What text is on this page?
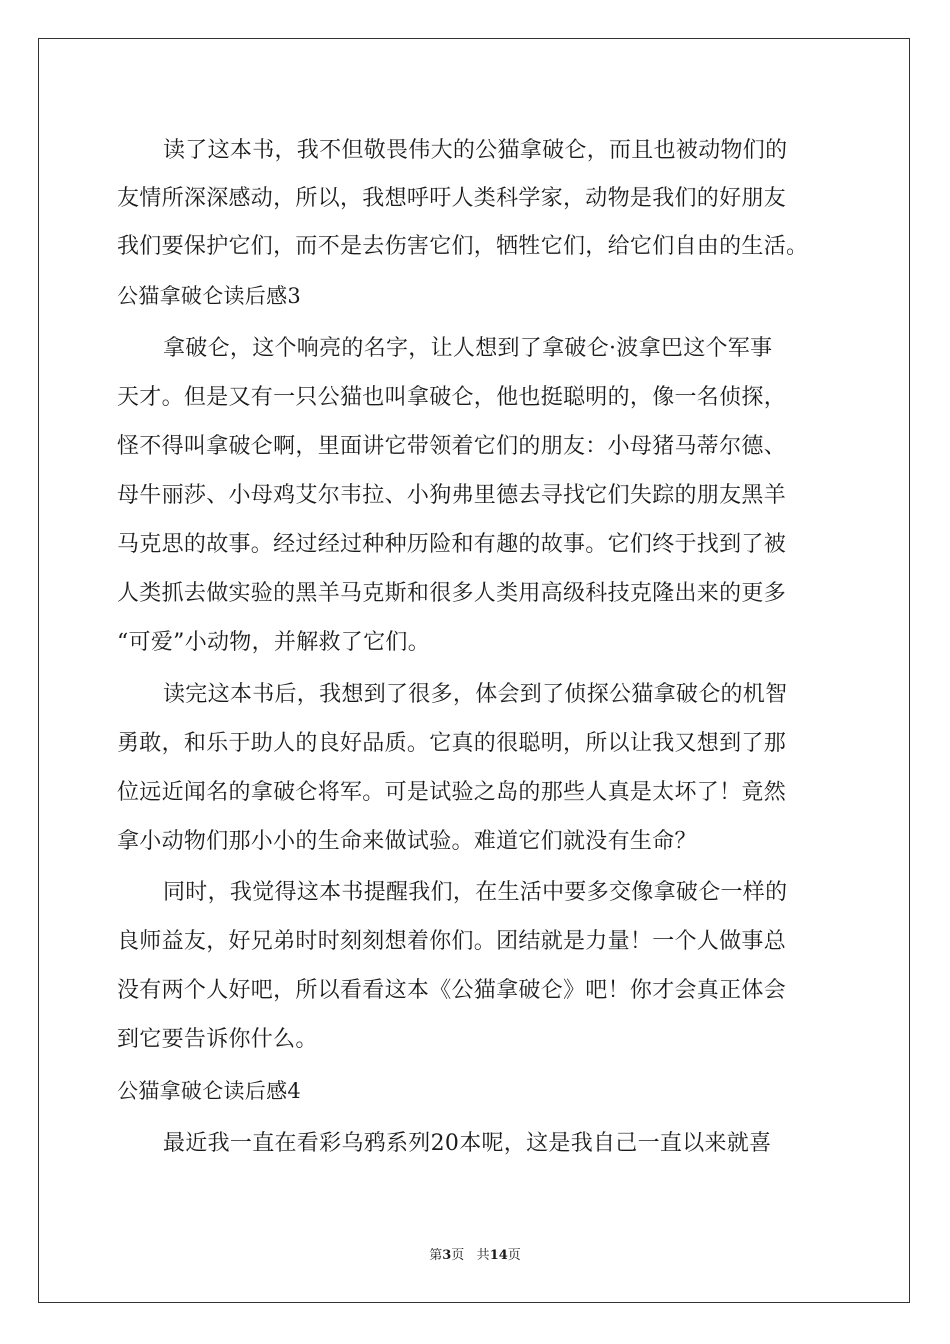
读了这本书，我不但敬畏伟大的公猫拿破仑，而且也被动物们的
友情所深深感动，所以，我想呼吁人类科学家，动物是我们的好朋友
我们要保护它们，而不是去伤害它们，牺牲它们，给它们自由的生活。
公猫拿破仑读后感3
拿破仑，这个响亮的名字，让人想到了拿破仑·波拿巴这个军事
天才。但是又有一只公猫也叫拿破仑，他也挺聪明的，像一名侦探，
怪不得叫拿破仑啊，里面讲它带领着它们的朋友：小母猪马蒂尔德、
母牛丽莎、小母鸡艾尔韦拉、小狗弗里德去寻找它们失踪的朋友黑羊
马克思的故事。经过经过种种历险和有趣的故事。它们终于找到了被
人类抓去做实验的黑羊马克斯和很多人类用高级科技克隆出来的更多
“可爱”小动物，并解救了它们。
读完这本书后，我想到了很多，体会到了侦探公猫拿破仑的机智
勇敢，和乐于助人的良好品质。它真的很聪明，所以让我又想到了那
位远近闻名的拿破仑将军。可是试验之岛的那些人真是太坏了！竟然
拿小动物们那小小的生命来做试验。难道它们就没有生命？
同时，我觉得这本书提醒我们，在生活中要多交像拿破仑一样的
良师益友，好兄弟时时刻刻想着你们。团结就是力量！一个人做事总
没有两个人好吧，所以看看这本《公猫拿破仑》吧！你才会真正体会
到它要告诉你什么。
公猫拿破仑读后感4
最近我一直在看彩乌鸦系列20本呢，这是我自己一直以来就喜
第3页 共14页
